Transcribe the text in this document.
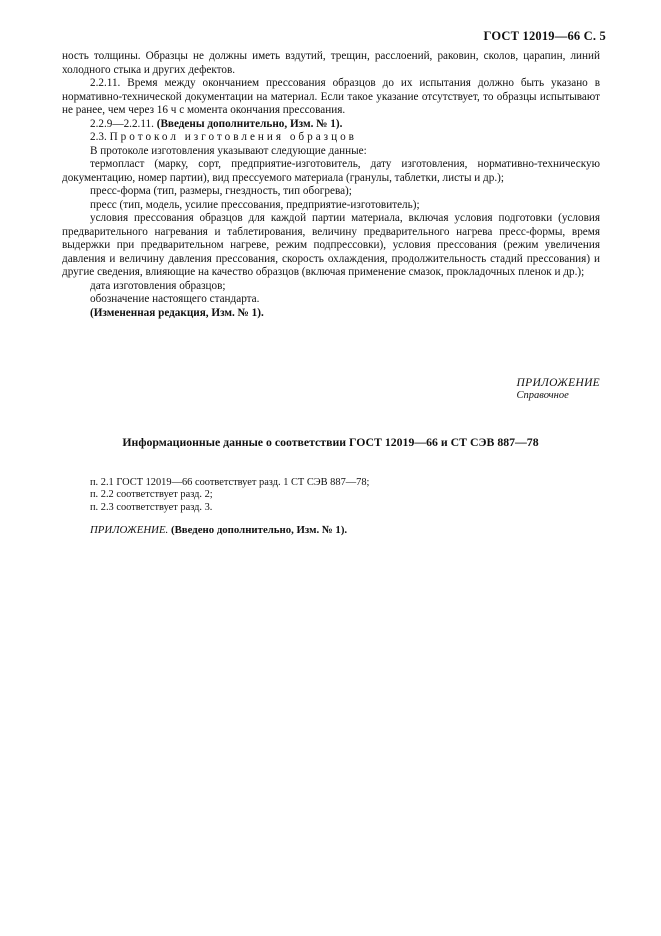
ГОСТ 12019—66 С. 5

ность толщины. Образцы не должны иметь вздутий, трещин, расслоений, раковин, сколов, царапин, линий холодного стыка и других дефектов.

2.2.11. Время между окончанием прессования образцов до их испытания должно быть указано в нормативно-технической документации на материал. Если такое указание отсутствует, то образцы испытывают не ранее, чем через 16 ч с момента окончания прессования.

2.2.9—2.2.11. (Введены дополнительно, Изм. № 1).

2.3. Протокол изготовления образцов

В протоколе изготовления указывают следующие данные:

термопласт (марку, сорт, предприятие-изготовитель, дату изготовления, нормативно-техническую документацию, номер партии), вид прессуемого материала (гранулы, таблетки, листы и др.);

пресс-форма (тип, размеры, гнездность, тип обогрева);

пресс (тип, модель, усилие прессования, предприятие-изготовитель);

условия прессования образцов для каждой партии материала, включая условия подготовки (условия предварительного нагревания и таблетирования, величину предварительного нагрева пресс-формы, время выдержки при предварительном нагреве, режим подпрессовки), условия прессования (режим увеличения давления и величину давления прессования, скорость охлаждения, продолжительность стадий прессования) и другие сведения, влияющие на качество образцов (включая применение смазок, прокладочных пленок и др.);

дата изготовления образцов;

обозначение настоящего стандарта.

(Измененная редакция, Изм. № 1).

ПРИЛОЖЕНИЕ
Справочное
Информационные данные о соответствии ГОСТ 12019—66 и СТ СЭВ 887—78

п. 2.1 ГОСТ 12019—66 соответствует разд. 1 СТ СЭВ 887—78;

п. 2.2 соответствует разд. 2;

п. 2.3 соответствует разд. 3.

ПРИЛОЖЕНИЕ. (Введено дополнительно, Изм. № 1).
